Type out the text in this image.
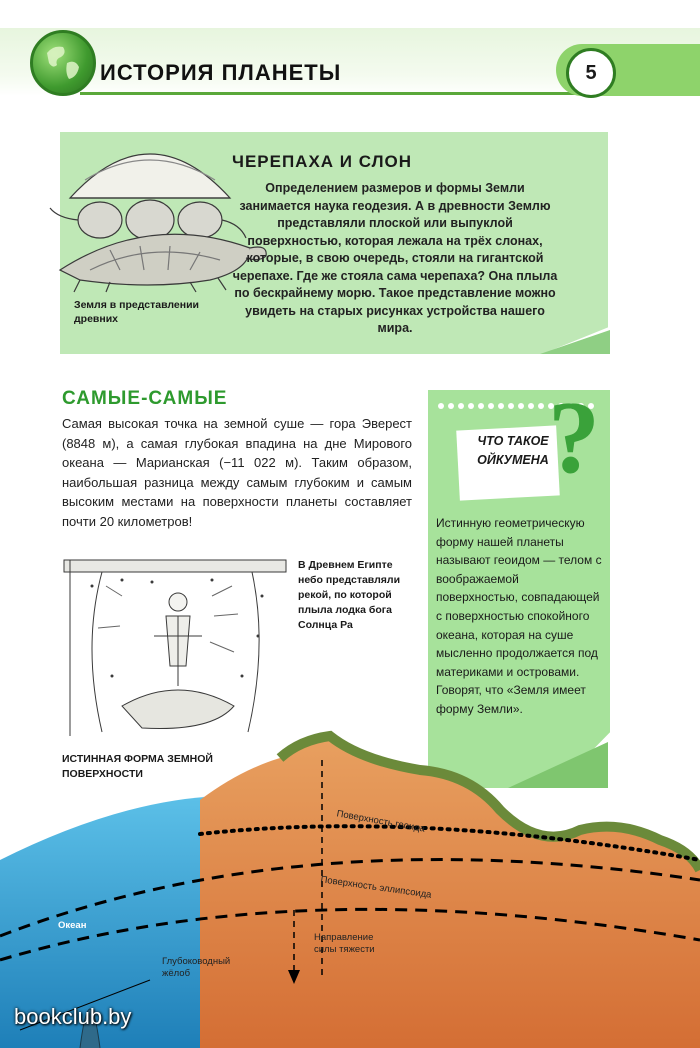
ИСТОРИЯ ПЛАНЕТЫ	5
ЧЕРЕПАХА И СЛОН
Определением размеров и формы Земли занимается наука геодезия. А в древности Землю представляли плоской или выпуклой поверхностью, которая лежала на трёх слонах, которые, в свою очередь, стояли на гигантской черепахе. Где же стояла сама черепаха? Она плыла по бескрайнему морю. Такое представление можно увидеть на старых рисунках устройства нашего мира.
Земля в представлении древних
САМЫЕ-САМЫЕ
Самая высокая точка на земной суше — гора Эверест (8848 м), а самая глубокая впадина на дне Мирового океана — Марианская (−11 022 м). Таким образом, наибольшая разница между самым глубоким и самым высоким местами на поверхности планеты составляет почти 20 километров!
В Древнем Египте небо представляли рекой, по которой плыла лодка бога Солнца Ра
ЧТО ТАКОЕ ОЙКУМЕНА ?
Истинную геометрическую форму нашей планеты называют геоидом — телом с воображаемой поверхностью, совпадающей с поверхностью спокойного океана, которая на суше мысленно продолжается под материками и островами. Говорят, что «Земля имеет форму Земли».
Поверхность геоида
Поверхность эллипсоида
Океан
Направление силы тяжести
Глубоководный жёлоб
ИСТИННАЯ ФОРМА ЗЕМНОЙ ПОВЕРХНОСТИ
bookclub.by
